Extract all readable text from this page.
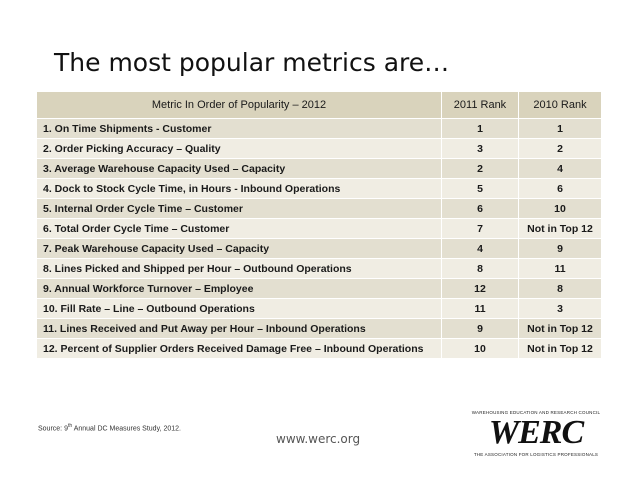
The most popular metrics are…
Metric In Order of Popularity – 2012	2011 Rank	2010 Rank
1. On Time Shipments - Customer	1	1
2. Order Picking Accuracy – Quality	3	2
3. Average Warehouse Capacity Used – Capacity	2	4
4. Dock to Stock Cycle Time, in Hours - Inbound Operations	5	6
5. Internal Order Cycle Time – Customer	6	10
6. Total Order Cycle Time – Customer	7	Not in Top 12
7. Peak Warehouse Capacity Used – Capacity	4	9
8. Lines Picked and Shipped per Hour – Outbound Operations	8	11
9. Annual Workforce Turnover – Employee	12	8
10. Fill Rate – Line – Outbound Operations	11	3
11. Lines Received and Put Away per Hour – Inbound Operations	9	Not in Top 12
12. Percent of Supplier Orders Received Damage Free – Inbound Operations	10	Not in Top 12
Source: 9th Annual DC Measures Study, 2012.
www.werc.org
WAREHOUSING EDUCATION AND RESEARCH COUNCIL
WERC
THE ASSOCIATION FOR LOGISTICS PROFESSIONALS
